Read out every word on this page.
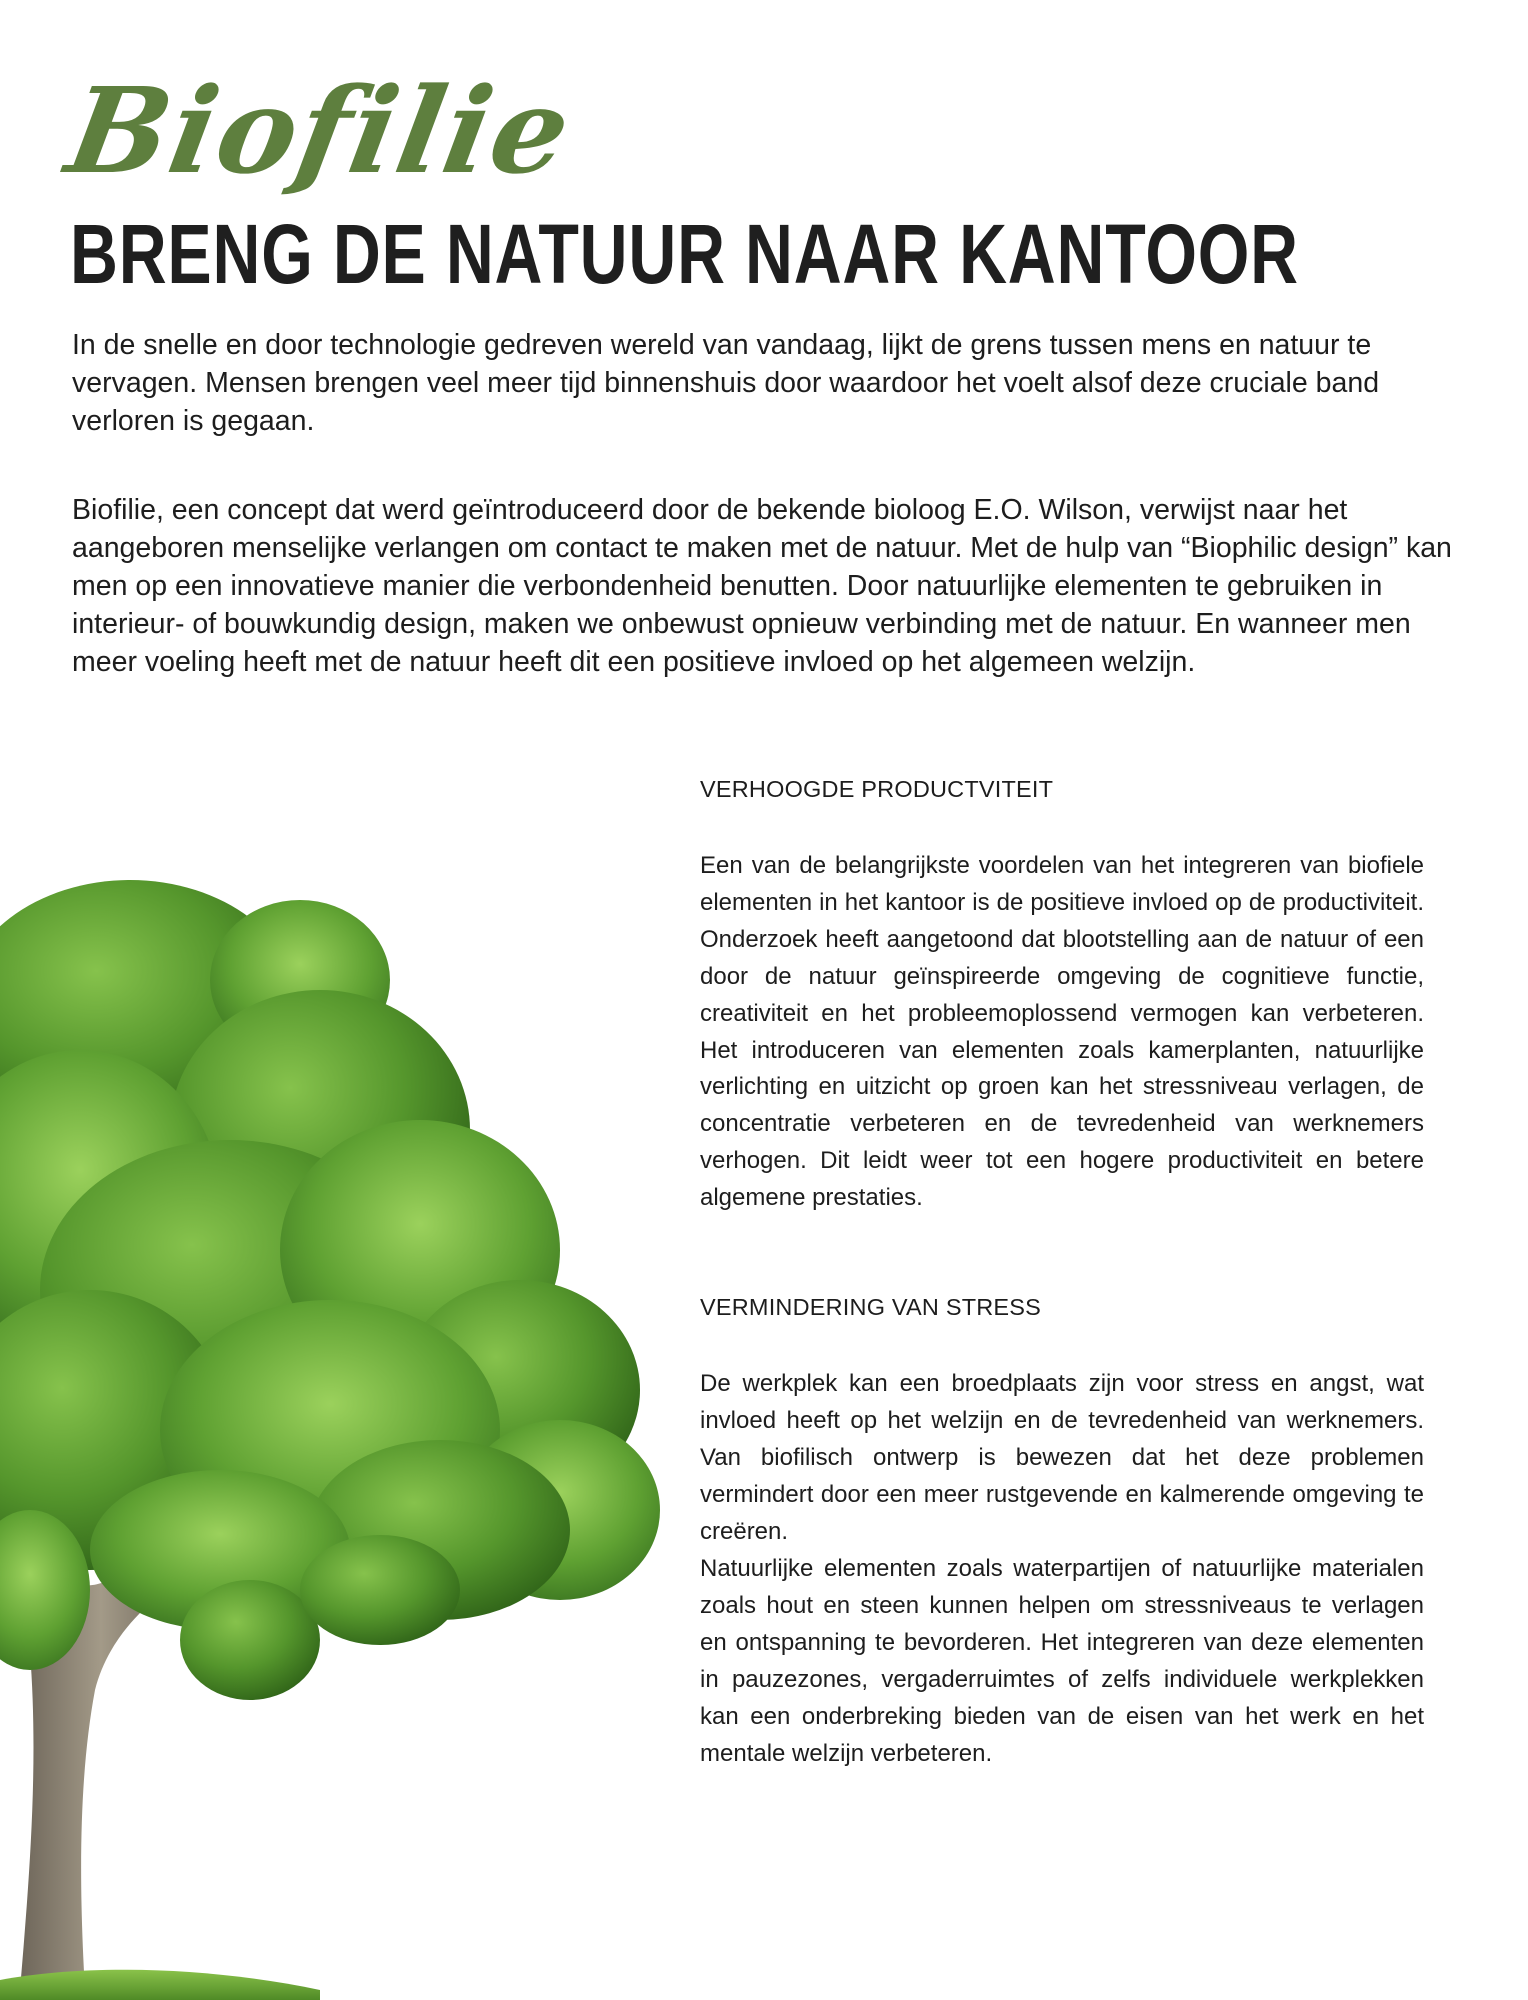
Biofilie
BRENG DE NATUUR NAAR KANTOOR

In de snelle en door technologie gedreven wereld van vandaag, lijkt de grens tussen mens en natuur te vervagen. Mensen brengen veel meer tijd binnenshuis door waardoor het voelt alsof deze cruciale band verloren is gegaan.

Biofilie, een concept dat werd geïntroduceerd door de bekende bioloog E.O. Wilson, verwijst naar het aangeboren menselijke verlangen om contact te maken met de natuur. Met de hulp van “Biophilic design” kan men op een innovatieve manier die verbondenheid benutten. Door natuurlijke elementen te gebruiken in interieur- of bouwkundig design, maken we onbewust opnieuw verbinding met de natuur. En wanneer men meer voeling heeft met de natuur heeft dit een positieve invloed op het algemeen welzijn.

VERHOOGDE PRODUCTVITEIT

Een van de belangrijkste voordelen van het integreren van biofiele elementen in het kantoor is de positieve invloed op de productiviteit. Onderzoek heeft aangetoond dat blootstelling aan de natuur of een door de natuur geïnspireerde omgeving de cognitieve functie, creativiteit en het probleemoplossend vermogen kan verbeteren. Het introduceren van elementen zoals kamerplanten, natuurlijke verlichting en uitzicht op groen kan het stressniveau verlagen, de concentratie verbeteren en de tevredenheid van werknemers verhogen. Dit leidt weer tot een hogere productiviteit en betere algemene prestaties.

VERMINDERING VAN STRESS

De werkplek kan een broedplaats zijn voor stress en angst, wat invloed heeft op het welzijn en de tevredenheid van werknemers. Van biofilisch ontwerp is bewezen dat het deze problemen vermindert door een meer rustgevende en kalmerende omgeving te creëren.

Natuurlijke elementen zoals waterpartijen of natuurlijke materialen zoals hout en steen kunnen helpen om stressniveaus te verlagen en ontspanning te bevorderen. Het integreren van deze elementen in pauzezones, vergaderruimtes of zelfs individuele werkplekken kan een onderbreking bieden van de eisen van het werk en het mentale welzijn verbeteren.
